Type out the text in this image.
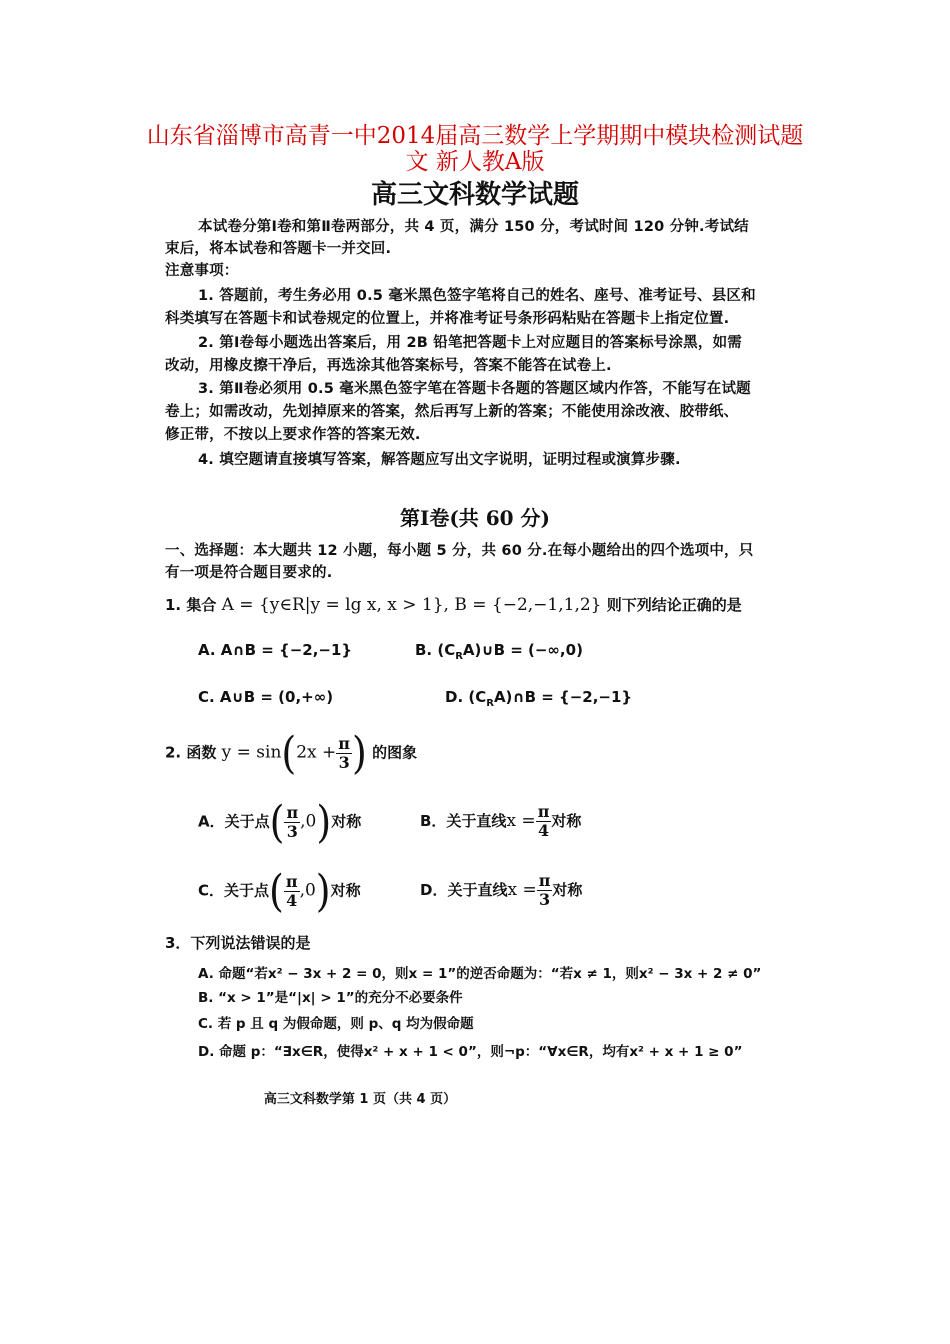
山东省淄博市高青一中2014届高三数学上学期期中模块检测试题
文 新人教A版
高三文科数学试题
本试卷分第Ⅰ卷和第Ⅱ卷两部分，共 4 页，满分 150 分，考试时间 120 分钟.考试结
束后，将本试卷和答题卡一并交回.
注意事项：
1. 答题前，考生务必用 0.5 毫米黑色签字笔将自己的姓名、座号、准考证号、县区和
科类填写在答题卡和试卷规定的位置上，并将准考证号条形码粘贴在答题卡上指定位置.
2. 第Ⅰ卷每小题选出答案后，用 2B 铅笔把答题卡上对应题目的答案标号涂黑，如需
改动，用橡皮擦干净后，再选涂其他答案标号，答案不能答在试卷上.
3. 第Ⅱ卷必须用 0.5 毫米黑色签字笔在答题卡各题的答题区域内作答，不能写在试题
卷上；如需改动，先划掉原来的答案，然后再写上新的答案；不能使用涂改液、胶带纸、
修正带，不按以上要求作答的答案无效.
4. 填空题请直接填写答案，解答题应写出文字说明，证明过程或演算步骤.
第Ⅰ卷(共 60 分)
一、选择题：本大题共 12 小题，每小题 5 分，共 60 分.在每小题给出的四个选项中，只
有一项是符合题目要求的.
1. 集合 A = {y∈R|y = lg x, x > 1}, B = {−2,−1,1,2} 则下列结论正确的是
A. A∩B = {−2,−1}	B. $(C_RA)\cup B = (-\infty,0)$
C. A∪B = (0,+∞)	D. $(C_RA)\cap B = \{-2,-1\}$
2. 函数 $y = \sin(2x + \frac{\pi}{3}$ ) 的图象
A．关于点( $\frac{\pi}{3} ,0$)对称	B．关于直线$x = \frac{\pi}{4}$ 对称
C．关于点( $\frac{\pi}{4} ,0$)对称	D．关于直线$x = \frac{\pi}{3}$ 对称
3．下列说法错误的是
A. 命题“若x² − 3x + 2 = 0，则x = 1”的逆否命题为：“若x ≠ 1，则x² − 3x + 2 ≠ 0”
B. “x > 1”是“|x| > 1”的充分不必要条件
C. 若 p 且 q 为假命题，则 p、q 均为假命题
D. 命题 p：“∃x∈R，使得x² + x + 1 < 0”，则¬p：“∀x∈R，均有x² + x + 1 ≥ 0”
高三文科数学第 1 页（共 4 页）
